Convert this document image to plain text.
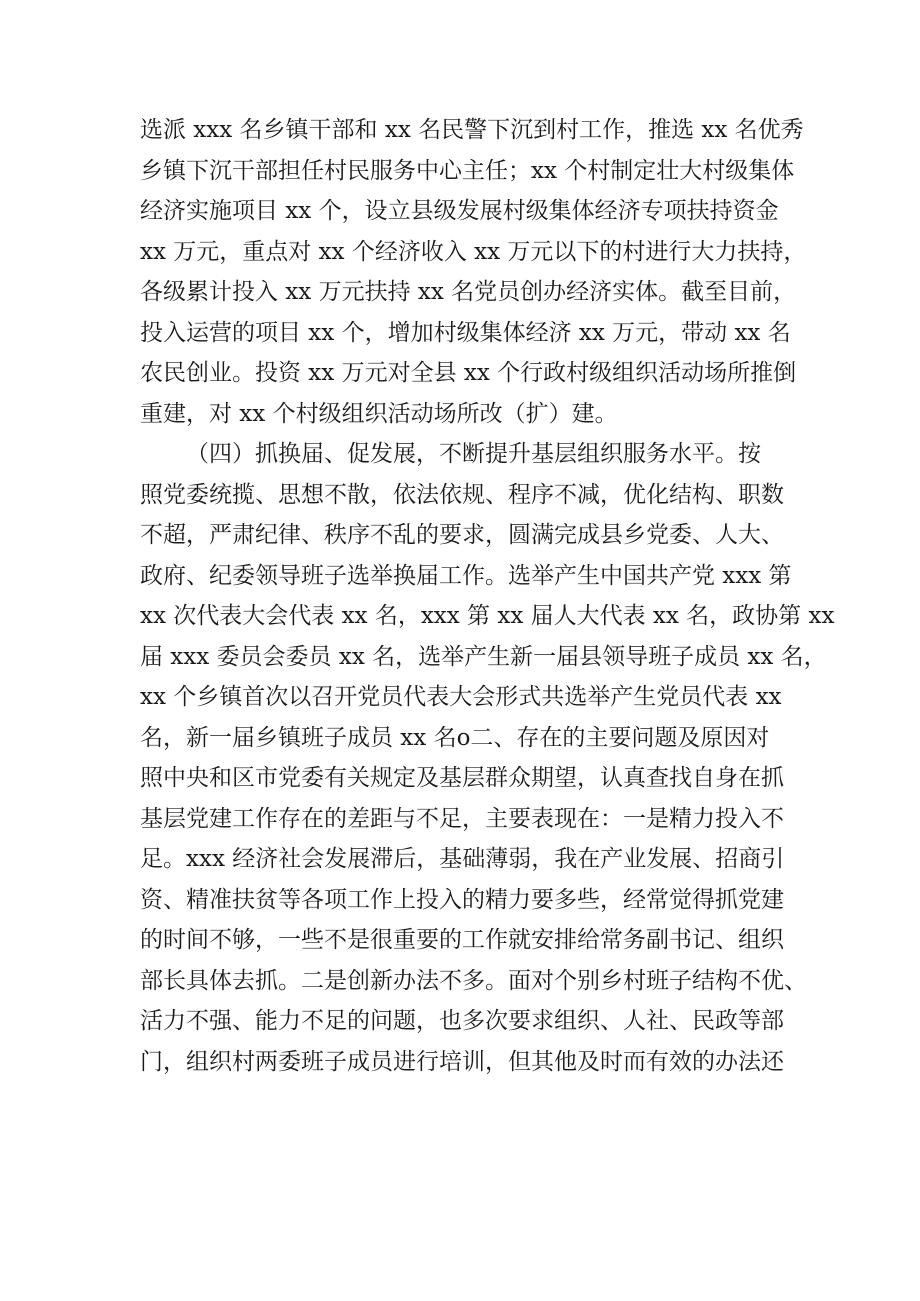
选派 xxx 名乡镇干部和 xx 名民警下沉到村工作，推选 xx 名优秀
乡镇下沉干部担任村民服务中心主任；xx 个村制定壮大村级集体
经济实施项目 xx 个，设立县级发展村级集体经济专项扶持资金
xx 万元，重点对 xx 个经济收入 xx 万元以下的村进行大力扶持，
各级累计投入 xx 万元扶持 xx 名党员创办经济实体。截至目前，
投入运营的项目 xx 个，增加村级集体经济 xx 万元，带动 xx 名
农民创业。投资 xx 万元对全县 xx 个行政村级组织活动场所推倒
重建，对 xx 个村级组织活动场所改（扩）建。
（四）抓换届、促发展，不断提升基层组织服务水平。按
照党委统揽、思想不散，依法依规、程序不减，优化结构、职数
不超，严肃纪律、秩序不乱的要求，圆满完成县乡党委、人大、
政府、纪委领导班子选举换届工作。选举产生中国共产党 xxx 第
xx 次代表大会代表 xx 名，xxx 第 xx 届人大代表 xx 名，政协第 xx
届 xxx 委员会委员 xx 名，选举产生新一届县领导班子成员 xx 名，
xx 个乡镇首次以召开党员代表大会形式共选举产生党员代表 xx
名，新一届乡镇班子成员 xx 名ο二、存在的主要问题及原因对
照中央和区市党委有关规定及基层群众期望，认真查找自身在抓
基层党建工作存在的差距与不足，主要表现在：一是精力投入不
足。xxx 经济社会发展滞后，基础薄弱，我在产业发展、招商引
资、精准扶贫等各项工作上投入的精力要多些，经常觉得抓党建
的时间不够，一些不是很重要的工作就安排给常务副书记、组织
部长具体去抓。二是创新办法不多。面对个别乡村班子结构不优、
活力不强、能力不足的问题，也多次要求组织、人社、民政等部
门，组织村两委班子成员进行培训，但其他及时而有效的办法还
